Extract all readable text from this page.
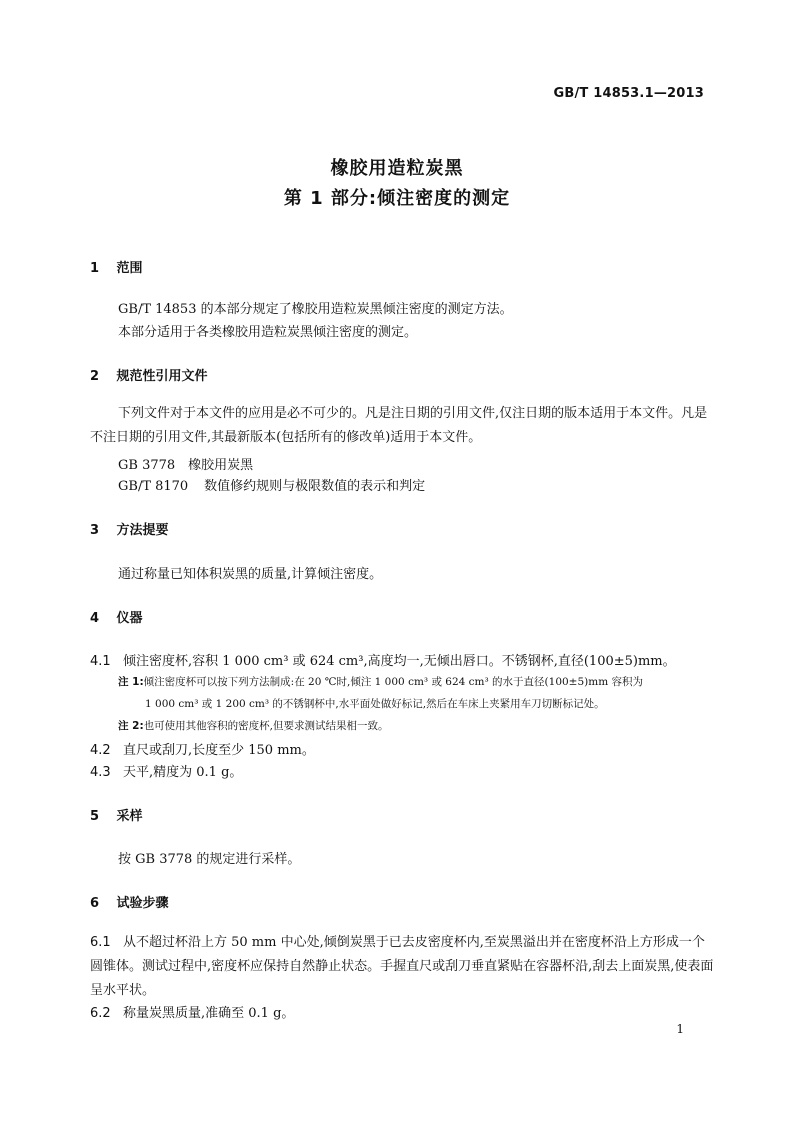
GB/T 14853.1—2013
橡胶用造粒炭黑
第 1 部分:倾注密度的测定
1 范围
GB/T 14853 的本部分规定了橡胶用造粒炭黑倾注密度的测定方法。
本部分适用于各类橡胶用造粒炭黑倾注密度的测定。
2 规范性引用文件
下列文件对于本文件的应用是必不可少的。凡是注日期的引用文件,仅注日期的版本适用于本文件。凡是不注日期的引用文件,其最新版本(包括所有的修改单)适用于本文件。
GB 3778 橡胶用炭黑
GB/T 8170 数值修约规则与极限数值的表示和判定
3 方法提要
通过称量已知体积炭黑的质量,计算倾注密度。
4 仪器
4.1 倾注密度杯,容积 1 000 cm³ 或 624 cm³,高度均一,无倾出唇口。不锈钢杯,直径(100±5)mm。
注 1:倾注密度杯可以按下列方法制成:在 20 ℃时,倾注 1 000 cm³ 或 624 cm³ 的水于直径(100±5)mm 容积为
1 000 cm³ 或 1 200 cm³ 的不锈钢杯中,水平面处做好标记,然后在车床上夹紧用车刀切断标记处。
注 2:也可使用其他容积的密度杯,但要求测试结果相一致。
4.2 直尺或刮刀,长度至少 150 mm。
4.3 天平,精度为 0.1 g。
5 采样
按 GB 3778 的规定进行采样。
6 试验步骤
6.1 从不超过杯沿上方 50 mm 中心处,倾倒炭黑于已去皮密度杯内,至炭黑溢出并在密度杯沿上方形成一个圆锥体。测试过程中,密度杯应保持自然静止状态。手握直尺或刮刀垂直紧贴在容器杯沿,刮去上面炭黑,使表面呈水平状。
6.2 称量炭黑质量,准确至 0.1 g。
1
